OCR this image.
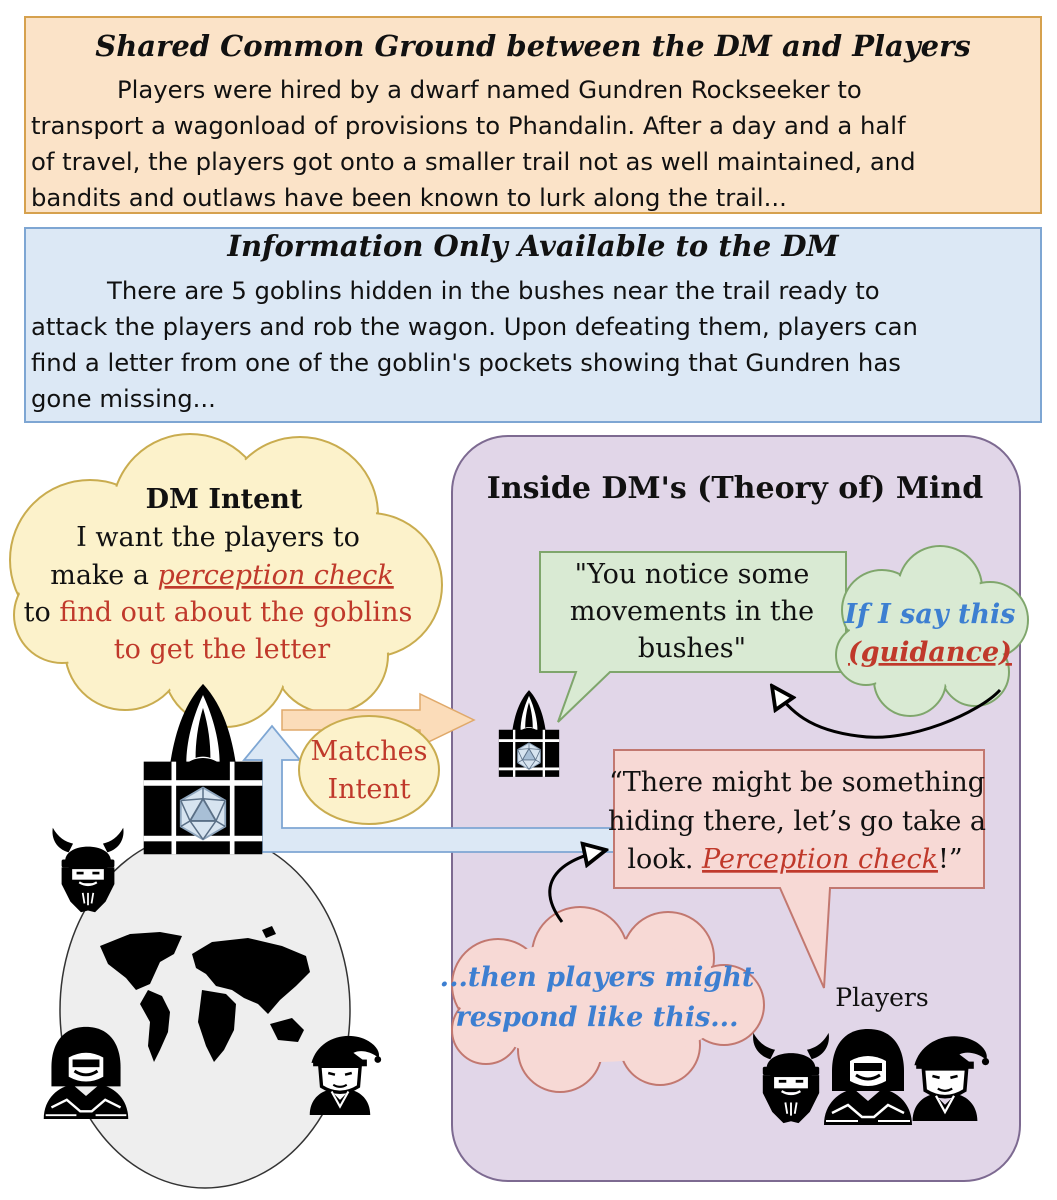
Shared Common Ground between the DM and Players
Players were hired by a dwarf named Gundren Rockseeker to
transport a wagonload of provisions to Phandalin. After a day and a half
of travel, the players got onto a smaller trail not as well maintained, and
bandits and outlaws have been known to lurk along the trail...
Information Only Available to the DM
There are 5 goblins hidden in the bushes near the trail ready to
attack the players and rob the wagon. Upon defeating them, players can
find a letter from one of the goblin's pockets showing that Gundren has
gone missing...
Inside DM's (Theory of) Mind
DM Intent
I want the players to
make a perception check
to find out about the goblins
to get the letter
Matches
Intent
"You notice some
movements in the
bushes"
If I say this
(guidance)
“There might be something
hiding there, let’s go take a
look. Perception check!”
...then players might
respond like this...
Players
